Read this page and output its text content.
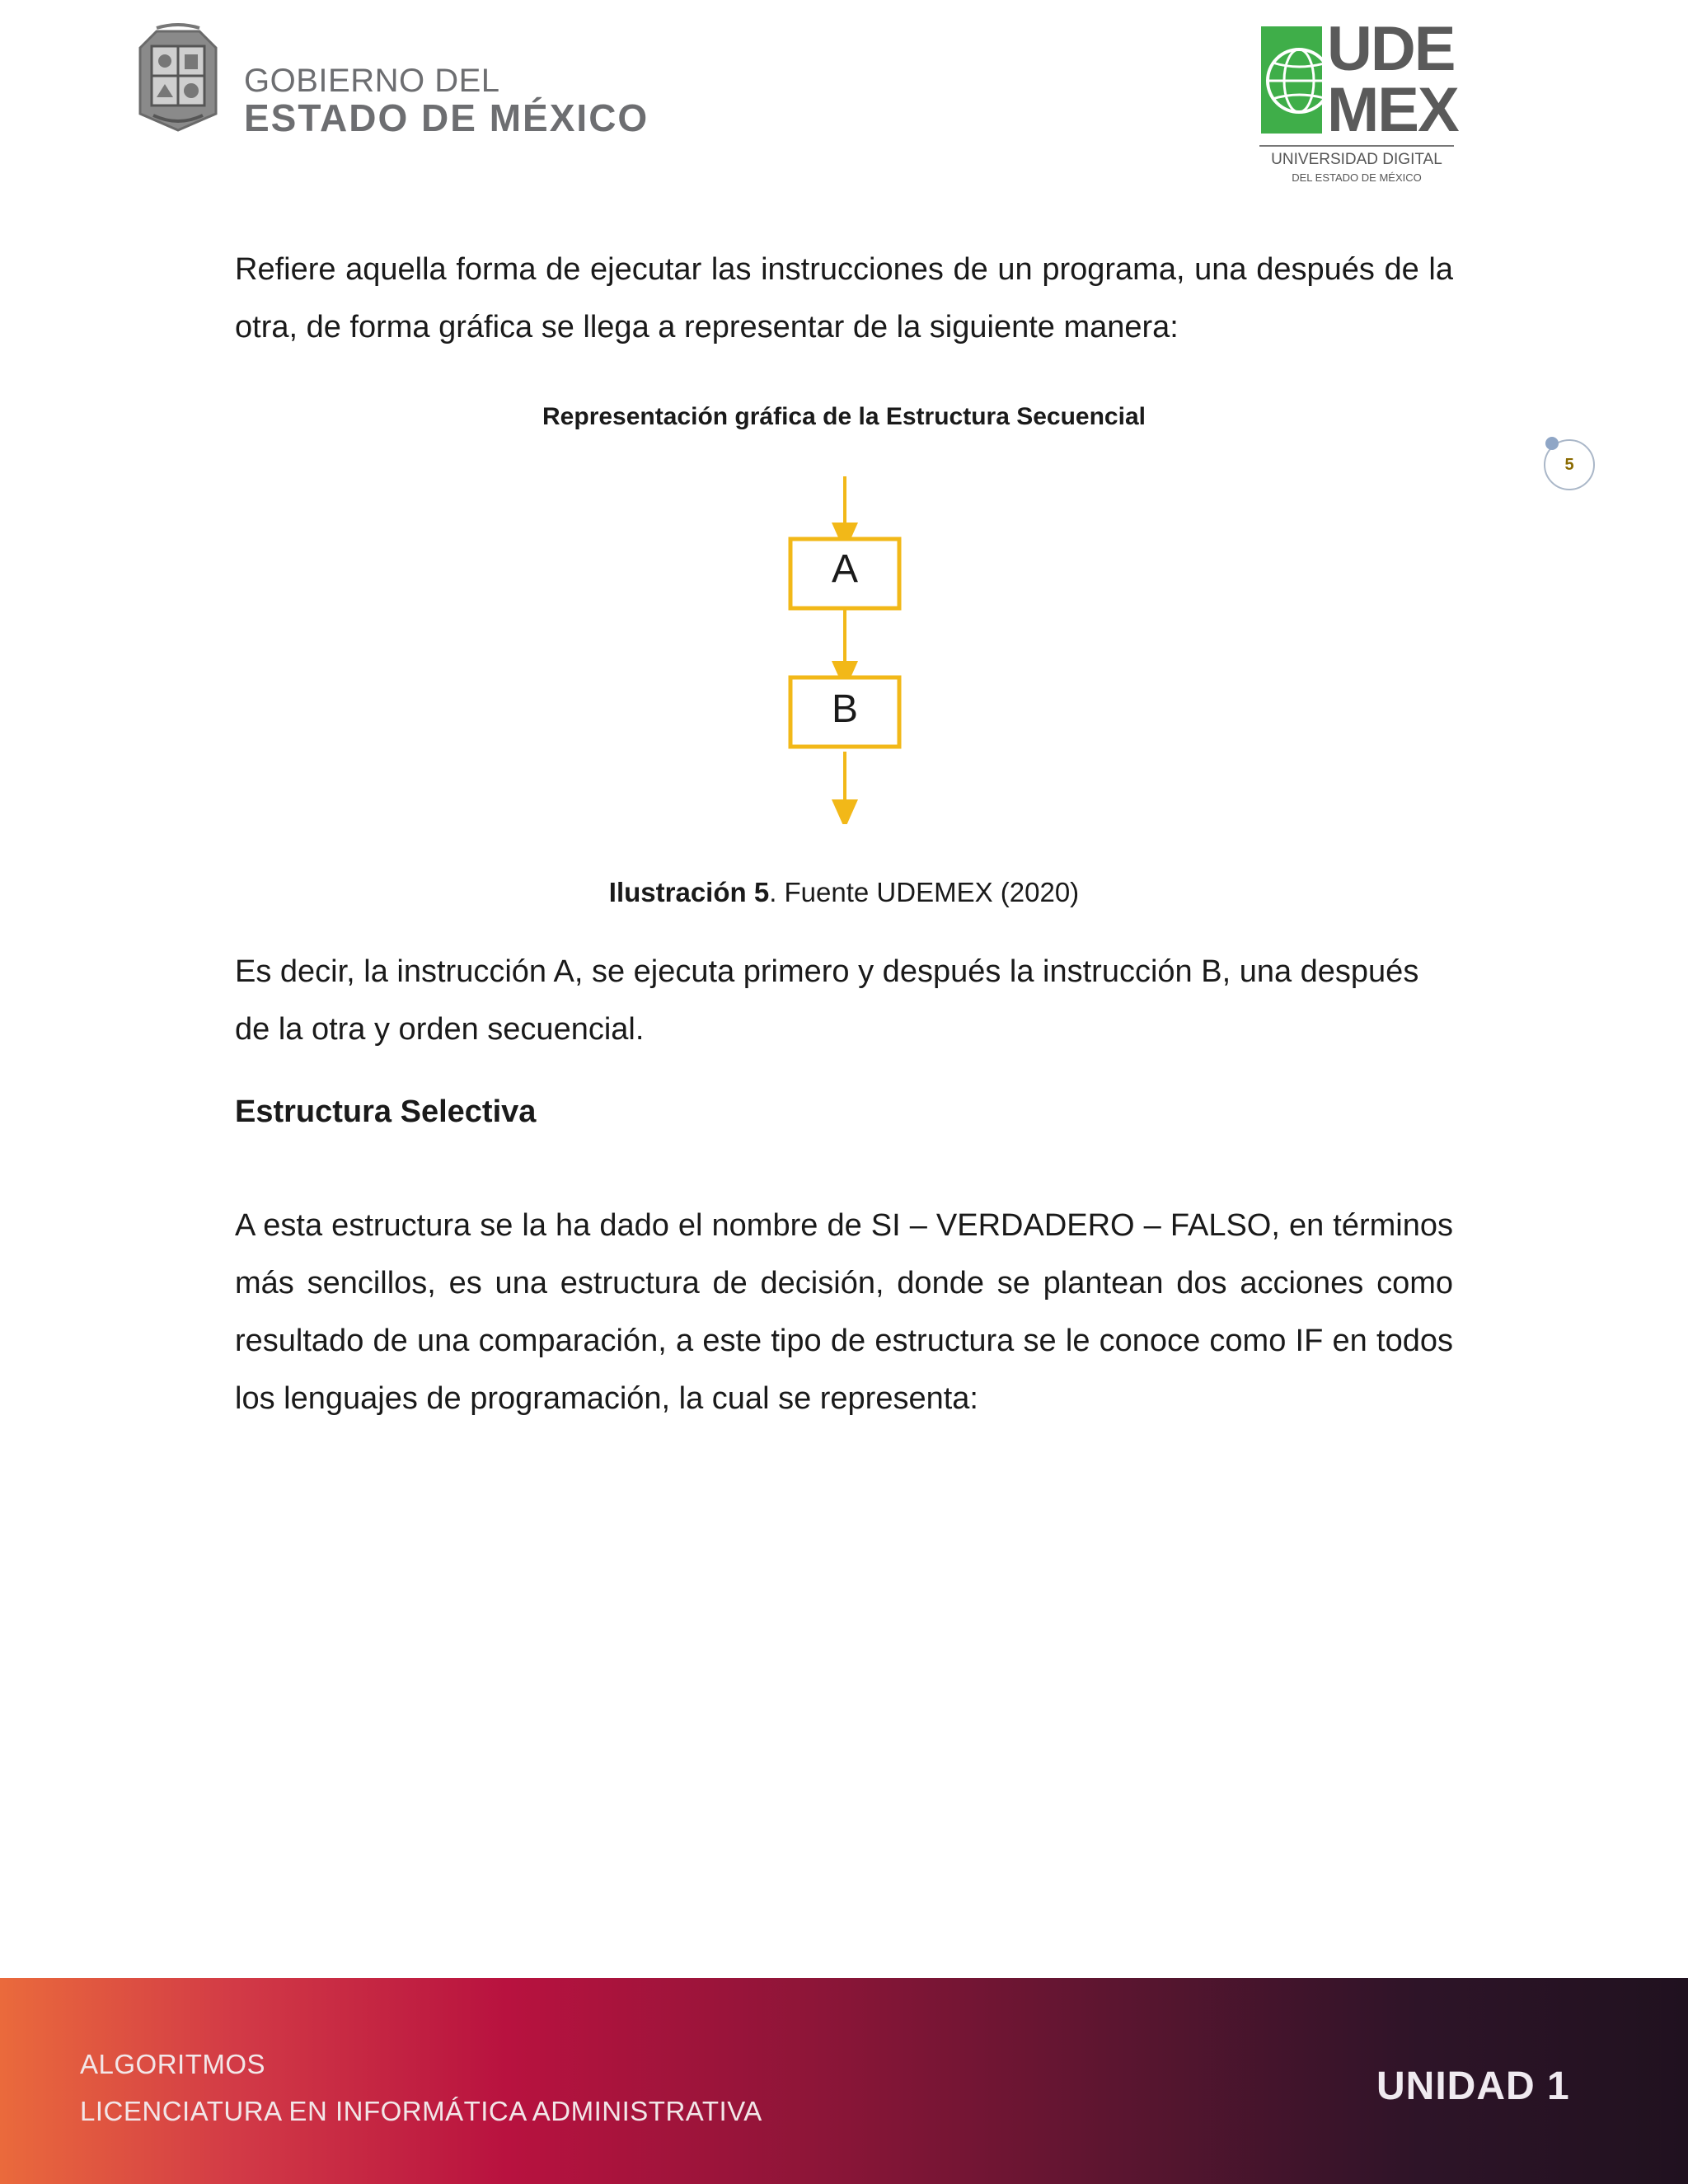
GOBIERNO DEL
ESTADO DE MÉXICO
UDE
MEX
UNIVERSIDAD DIGITAL
DEL ESTADO DE MÉXICO
5
Refiere aquella forma de ejecutar las instrucciones de un programa, una después de la otra, de forma gráfica se llega a representar de la siguiente manera:
Representación gráfica de la Estructura Secuencial
A
B
Ilustración 5. Fuente UDEMEX (2020)
Es decir, la instrucción A, se ejecuta primero y después la instrucción B, una después de la otra y orden secuencial.
Estructura Selectiva
A esta estructura se la ha dado el nombre de SI – VERDADERO – FALSO, en términos más sencillos, es una estructura de decisión, donde se plantean dos acciones como resultado de una comparación, a este tipo de estructura se le conoce como IF en todos los lenguajes de programación, la cual se representa:
ALGORITMOS
LICENCIATURA EN INFORMÁTICA ADMINISTRATIVA
UNIDAD 1
